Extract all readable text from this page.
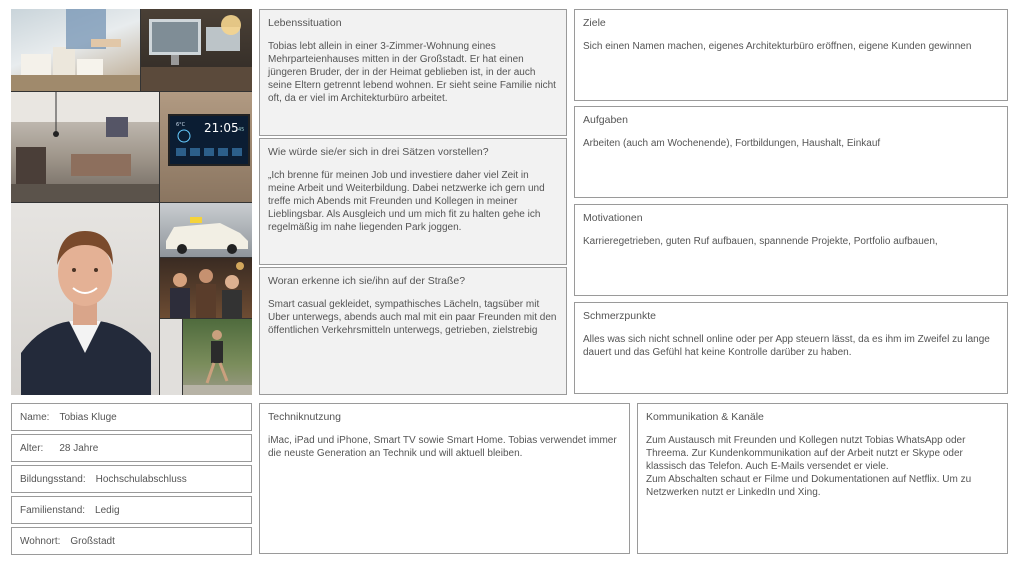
21:05 45
6°C
Lebenssituation

Tobias lebt allein in einer 3-Zimmer-Wohnung eines Mehrparteienhauses mitten in der Großstadt. Er hat einen jüngeren Bruder, der in der Heimat geblieben ist, in der auch seine Eltern getrennt lebend wohnen. Er sieht seine Familie nicht oft, da er viel im Architekturbüro arbeitet.

Wie würde sie/er sich in drei Sätzen vorstellen?

„Ich brenne für meinen Job und investiere daher viel Zeit in meine Arbeit und Weiterbildung. Dabei netzwerke ich gern und treffe mich Abends mit Freunden und Kollegen in meiner Lieblingsbar. Als Ausgleich und um mich fit zu halten gehe ich regelmäßig im nahe liegenden Park joggen.

Woran erkenne ich sie/ihn auf der Straße?

Smart casual gekleidet, sympathisches Lächeln, tagsüber mit Uber unterwegs, abends auch mal mit ein paar Freunden mit den öffentlichen Verkehrsmitteln unterwegs, getrieben, zielstrebig

Ziele

Sich einen Namen machen, eigenes Architekturbüro eröffnen, eigene Kunden gewinnen

Aufgaben

Arbeiten (auch am Wochenende), Fortbildungen, Haushalt, Einkauf

Motivationen

Karrieregetrieben, guten Ruf aufbauen, spannende Projekte, Portfolio aufbauen,

Schmerzpunkte

Alles was sich nicht schnell online oder per App steuern lässt, da es ihm im Zweifel zu lange dauert und das Gefühl hat keine Kontrolle darüber zu haben.

Name: Tobias Kluge
Alter: 28 Jahre
Bildungsstand: Hochschulabschluss
Familienstand: Ledig
Wohnort: Großstadt
Techniknutzung

iMac, iPad und iPhone, Smart TV sowie Smart Home. Tobias verwendet immer die neuste Generation an Technik und will aktuell bleiben.

Kommunikation & Kanäle

Zum Austausch mit Freunden und Kollegen nutzt Tobias WhatsApp oder Threema. Zur Kundenkommunikation auf der Arbeit nutzt er Skype oder klassisch das Telefon. Auch E-Mails versendet er viele.

Zum Abschalten schaut er Filme und Dokumentationen auf Netflix. Um zu Netzwerken nutzt er LinkedIn und Xing.
